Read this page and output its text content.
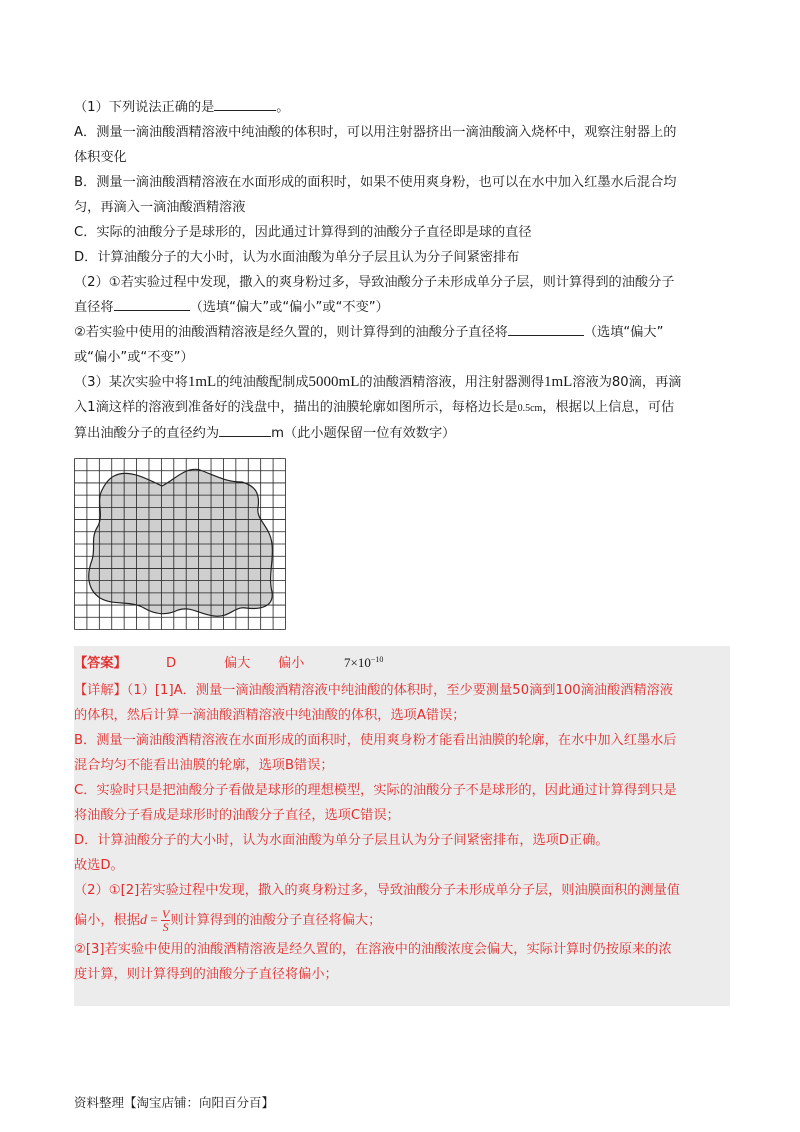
（1）下列说法正确的是	。
A．测量一滴油酸酒精溶液中纯油酸的体积时，可以用注射器挤出一滴油酸滴入烧杯中，观察注射器上的
体积变化
B．测量一滴油酸酒精溶液在水面形成的面积时，如果不使用爽身粉，也可以在水中加入红墨水后混合均
匀，再滴入一滴油酸酒精溶液
C．实际的油酸分子是球形的，因此通过计算得到的油酸分子直径即是球的直径
D．计算油酸分子的大小时，认为水面油酸为单分子层且认为分子间紧密排布
（2）①若实验过程中发现，撒入的爽身粉过多，导致油酸分子未形成单分子层，则计算得到的油酸分子
直径将	（选填“偏大”或“偏小”或“不变”）
②若实验中使用的油酸酒精溶液是经久置的，则计算得到的油酸分子直径将	（选填“偏大”
或“偏小”或“不变”）
（3）某次实验中将1mL的纯油酸配制成5000mL的油酸酒精溶液，用注射器测得1mL溶液为80滴，再滴
入1滴这样的溶液到准备好的浅盘中，描出的油膜轮廓如图所示，每格边长是0.5cm，根据以上信息，可估
算出油酸分子的直径约为	m（此小题保留一位有效数字）
【答案】	D	偏大 偏小	$7\times 10^{-10}$
【详解】（1）[1]A．测量一滴油酸酒精溶液中纯油酸的体积时，至少要测量50滴到100滴油酸酒精溶液
的体积，然后计算一滴油酸酒精溶液中纯油酸的体积，选项A错误；
B．测量一滴油酸酒精溶液在水面形成的面积时，使用爽身粉才能看出油膜的轮廓，在水中加入红墨水后
混合均匀不能看出油膜的轮廓，选项B错误；
C．实验时只是把油酸分子看做是球形的理想模型，实际的油酸分子不是球形的，因此通过计算得到只是
将油酸分子看成是球形时的油酸分子直径，选项C错误；
D．计算油酸分子的大小时，认为水面油酸为单分子层且认为分子间紧密排布，选项D正确。
故选D。
（2）①[2]若实验过程中发现，撒入的爽身粉过多，导致油酸分子未形成单分子层，则油膜面积的测量值
偏小，根据$d = \frac{V}{S}$ 则计算得到的油酸分子直径将偏大；
②[3]若实验中使用的油酸酒精溶液是经久置的，在溶液中的油酸浓度会偏大，实际计算时仍按原来的浓
度计算，则计算得到的油酸分子直径将偏小；
资料整理【淘宝店铺：向阳百分百】
